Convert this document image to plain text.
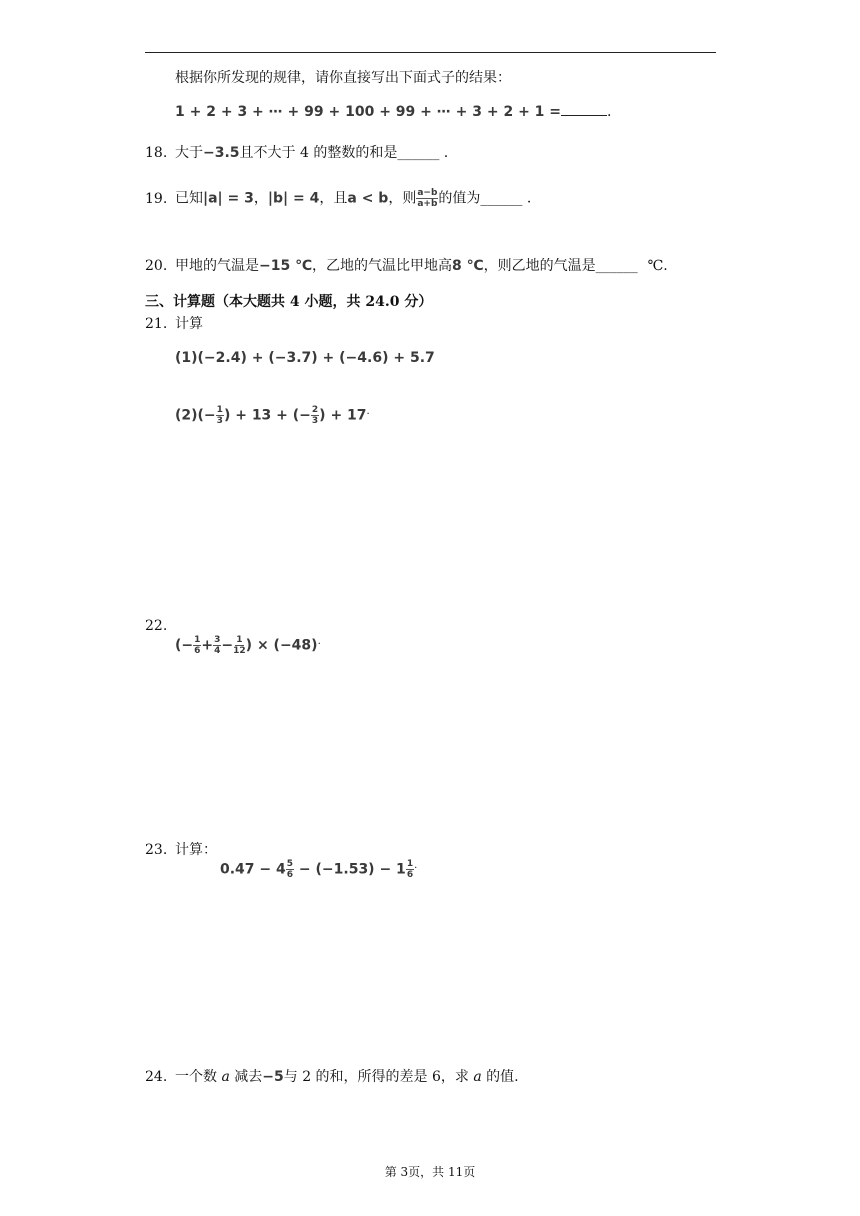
根据你所发现的规律，请你直接写出下面式子的结果：
1 + 2 + 3 + ⋯ + 99 + 100 + 99 + ⋯ + 3 + 2 + 1 =	.
18. 大于−3.5且不大于 4 的整数的和是______ .
19. 已知|a| = 3，|b| = 4，且a < b，则 $\frac{a-b}{a+b}$ 的值为______ .
20. 甲地的气温是−15 ℃，乙地的气温比甲地高8 ℃，则乙地的气温是______ ℃.
三、计算题（本大题共 4 小题，共 24.0 分）
21. 计算
(1)(−2.4) + (−3.7) + (−4.6) + 5.7
$(2)(- \frac{1}{3}$ ) + 13 + (− $\frac{2}{3}$ ) + 17.
22.
(− $\frac{1}{6} + \frac{3}{4} - \frac{1}{12}$ ) × (−48).
23. 计算：
$0.47 - 4 \frac{5}{6} - (-1.53) - 1 \frac{1}{6} ^.$
24. 一个数 a 减去−5与 2 的和，所得的差是 6，求 a 的值.
第 3页，共 11页
